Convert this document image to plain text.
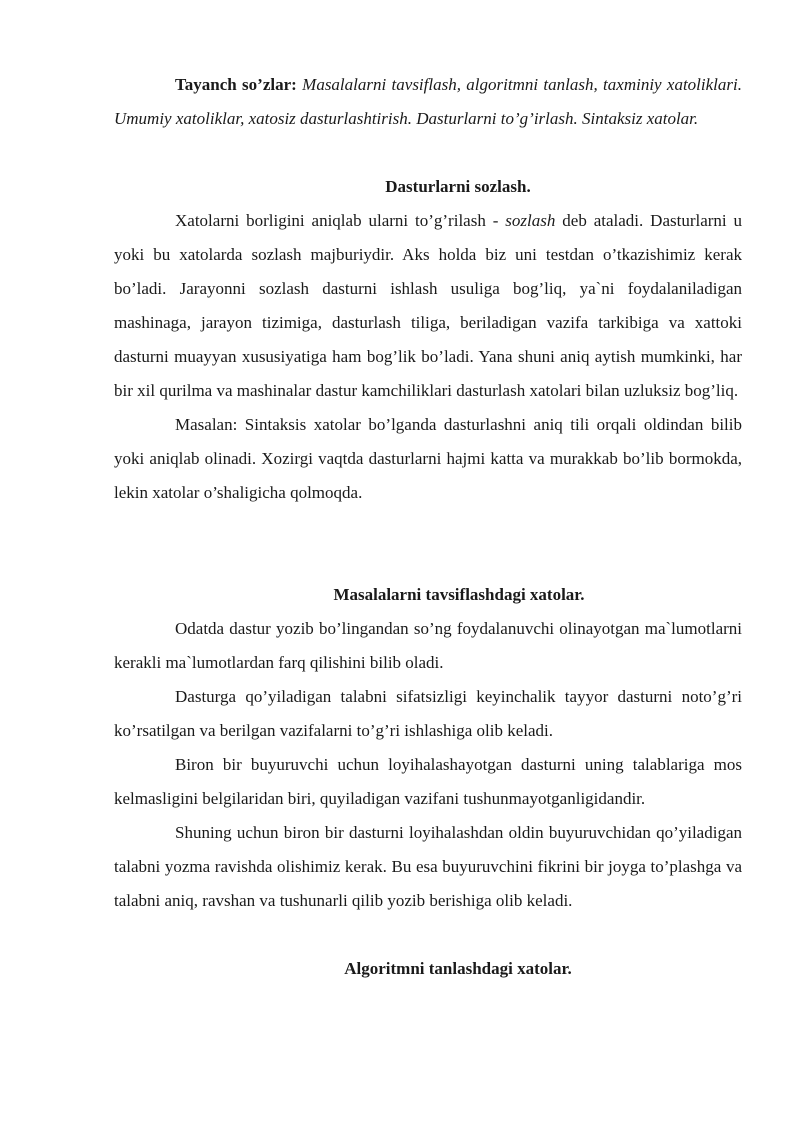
Tayanch so’zlar: Masalalarni tavsiflash, algoritmni tanlash, taxminiy xatoliklari. Umumiy xatoliklar, xatosiz dasturlashtirish. Dasturlarni to’g’irlash. Sintaksiz xatolar.

Dasturlarni sozlash.

Xatolarni borligini aniqlab ularni to’g’rilash - sozlash deb ataladi. Dasturlarni u yoki bu xatolarda sozlash majburiydir. Aks holda biz uni testdan o’tkazishimiz kerak bo’ladi. Jarayonni sozlash dasturni ishlash usuliga bog’liq, ya`ni foydalaniladigan mashinaga, jarayon tizimiga, dasturlash tiliga, beriladigan vazifa tarkibiga va xattoki dasturni muayyan xususiyatiga ham bog’lik bo’ladi. Yana shuni aniq aytish mumkinki, har bir xil qurilma va mashinalar dastur kamchiliklari dasturlash xatolari bilan uzluksiz bog’liq.

Masalan: Sintaksis xatolar bo’lganda dasturlashni aniq tili orqali oldindan bilib yoki aniqlab olinadi. Xozirgi vaqtda dasturlarni hajmi katta va murakkab bo’lib bormokda, lekin xatolar o’shaligicha qolmoqda.

Masalalarni tavsiflashdagi xatolar.

Odatda dastur yozib bo’lingandan so’ng foydalanuvchi olinayotgan ma`lumotlarni kerakli ma`lumotlardan farq qilishini bilib oladi.

Dasturga qo’yiladigan talabni sifatsizligi keyinchalik tayyor dasturni noto’g’ri ko’rsatilgan va berilgan vazifalarni to’g’ri ishlashiga olib keladi.

Biron bir buyuruvchi uchun loyihalashayotgan dasturni uning talablariga mos kelmasligini belgilaridan biri, quyiladigan vazifani tushunmayotganligidandir.

Shuning uchun biron bir dasturni loyihalashdan oldin buyuruvchidan qo’yiladigan talabni yozma ravishda olishimiz kerak. Bu esa buyuruvchini fikrini bir joyga to’plashga va talabni aniq, ravshan va tushunarli qilib yozib berishiga olib keladi.

Algoritmni tanlashdagi xatolar.
